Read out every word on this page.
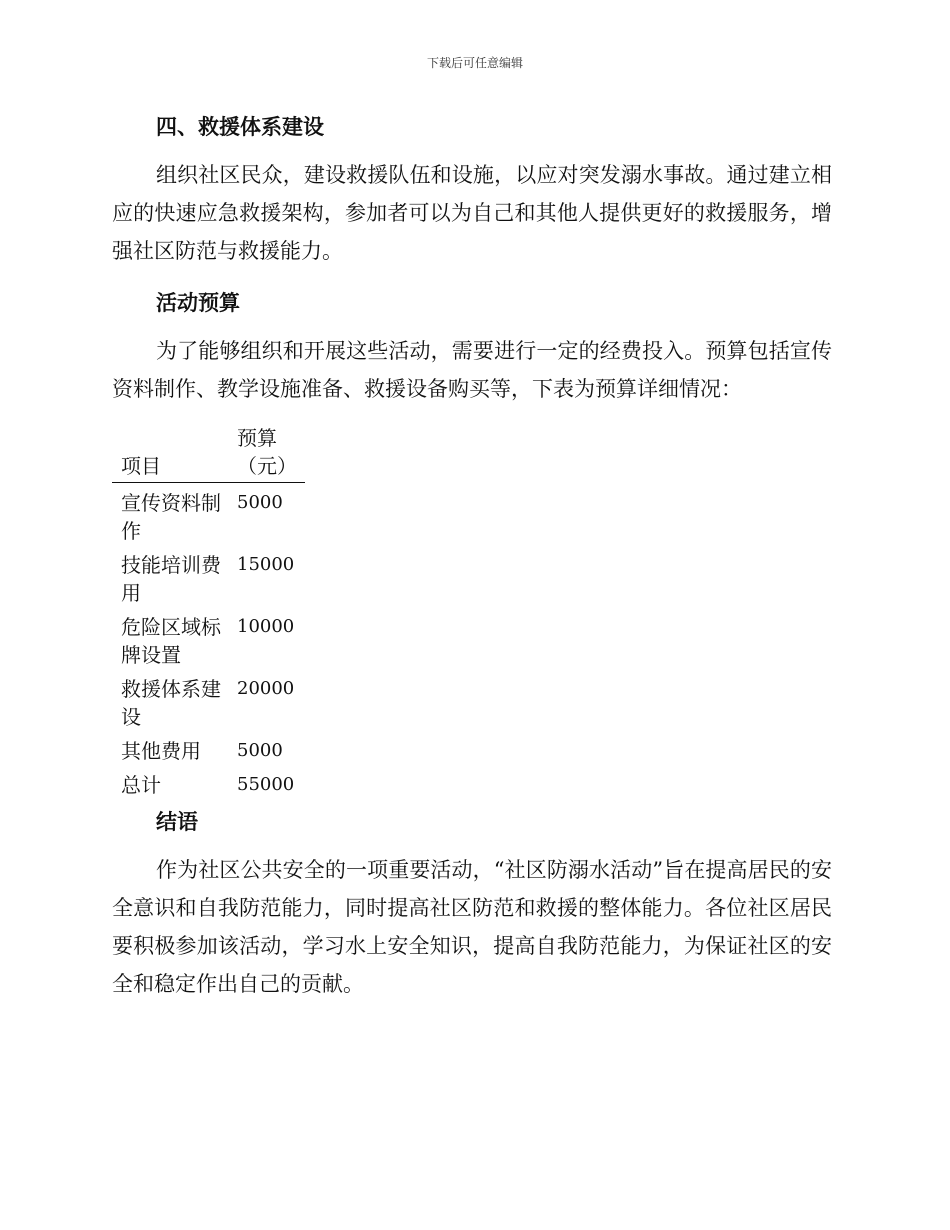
下载后可任意编辑
四、救援体系建设

组织社区民众，建设救援队伍和设施，以应对突发溺水事故。通过建立相应的快速应急救援架构，参加者可以为自己和其他人提供更好的救援服务，增强社区防范与救援能力。

活动预算

为了能够组织和开展这些活动，需要进行一定的经费投入。预算包括宣传资料制作、教学设施准备、救援设备购买等，下表为预算详细情况：

项目	预算（元）
宣传资料制作	5000
技能培训费用	15000
危险区域标牌设置	10000
救援体系建设	20000
其他费用	5000
总计	55000
结语

作为社区公共安全的一项重要活动，“社区防溺水活动”旨在提高居民的安全意识和自我防范能力，同时提高社区防范和救援的整体能力。各位社区居民要积极参加该活动，学习水上安全知识，提高自我防范能力，为保证社区的安全和稳定作出自己的贡献。
